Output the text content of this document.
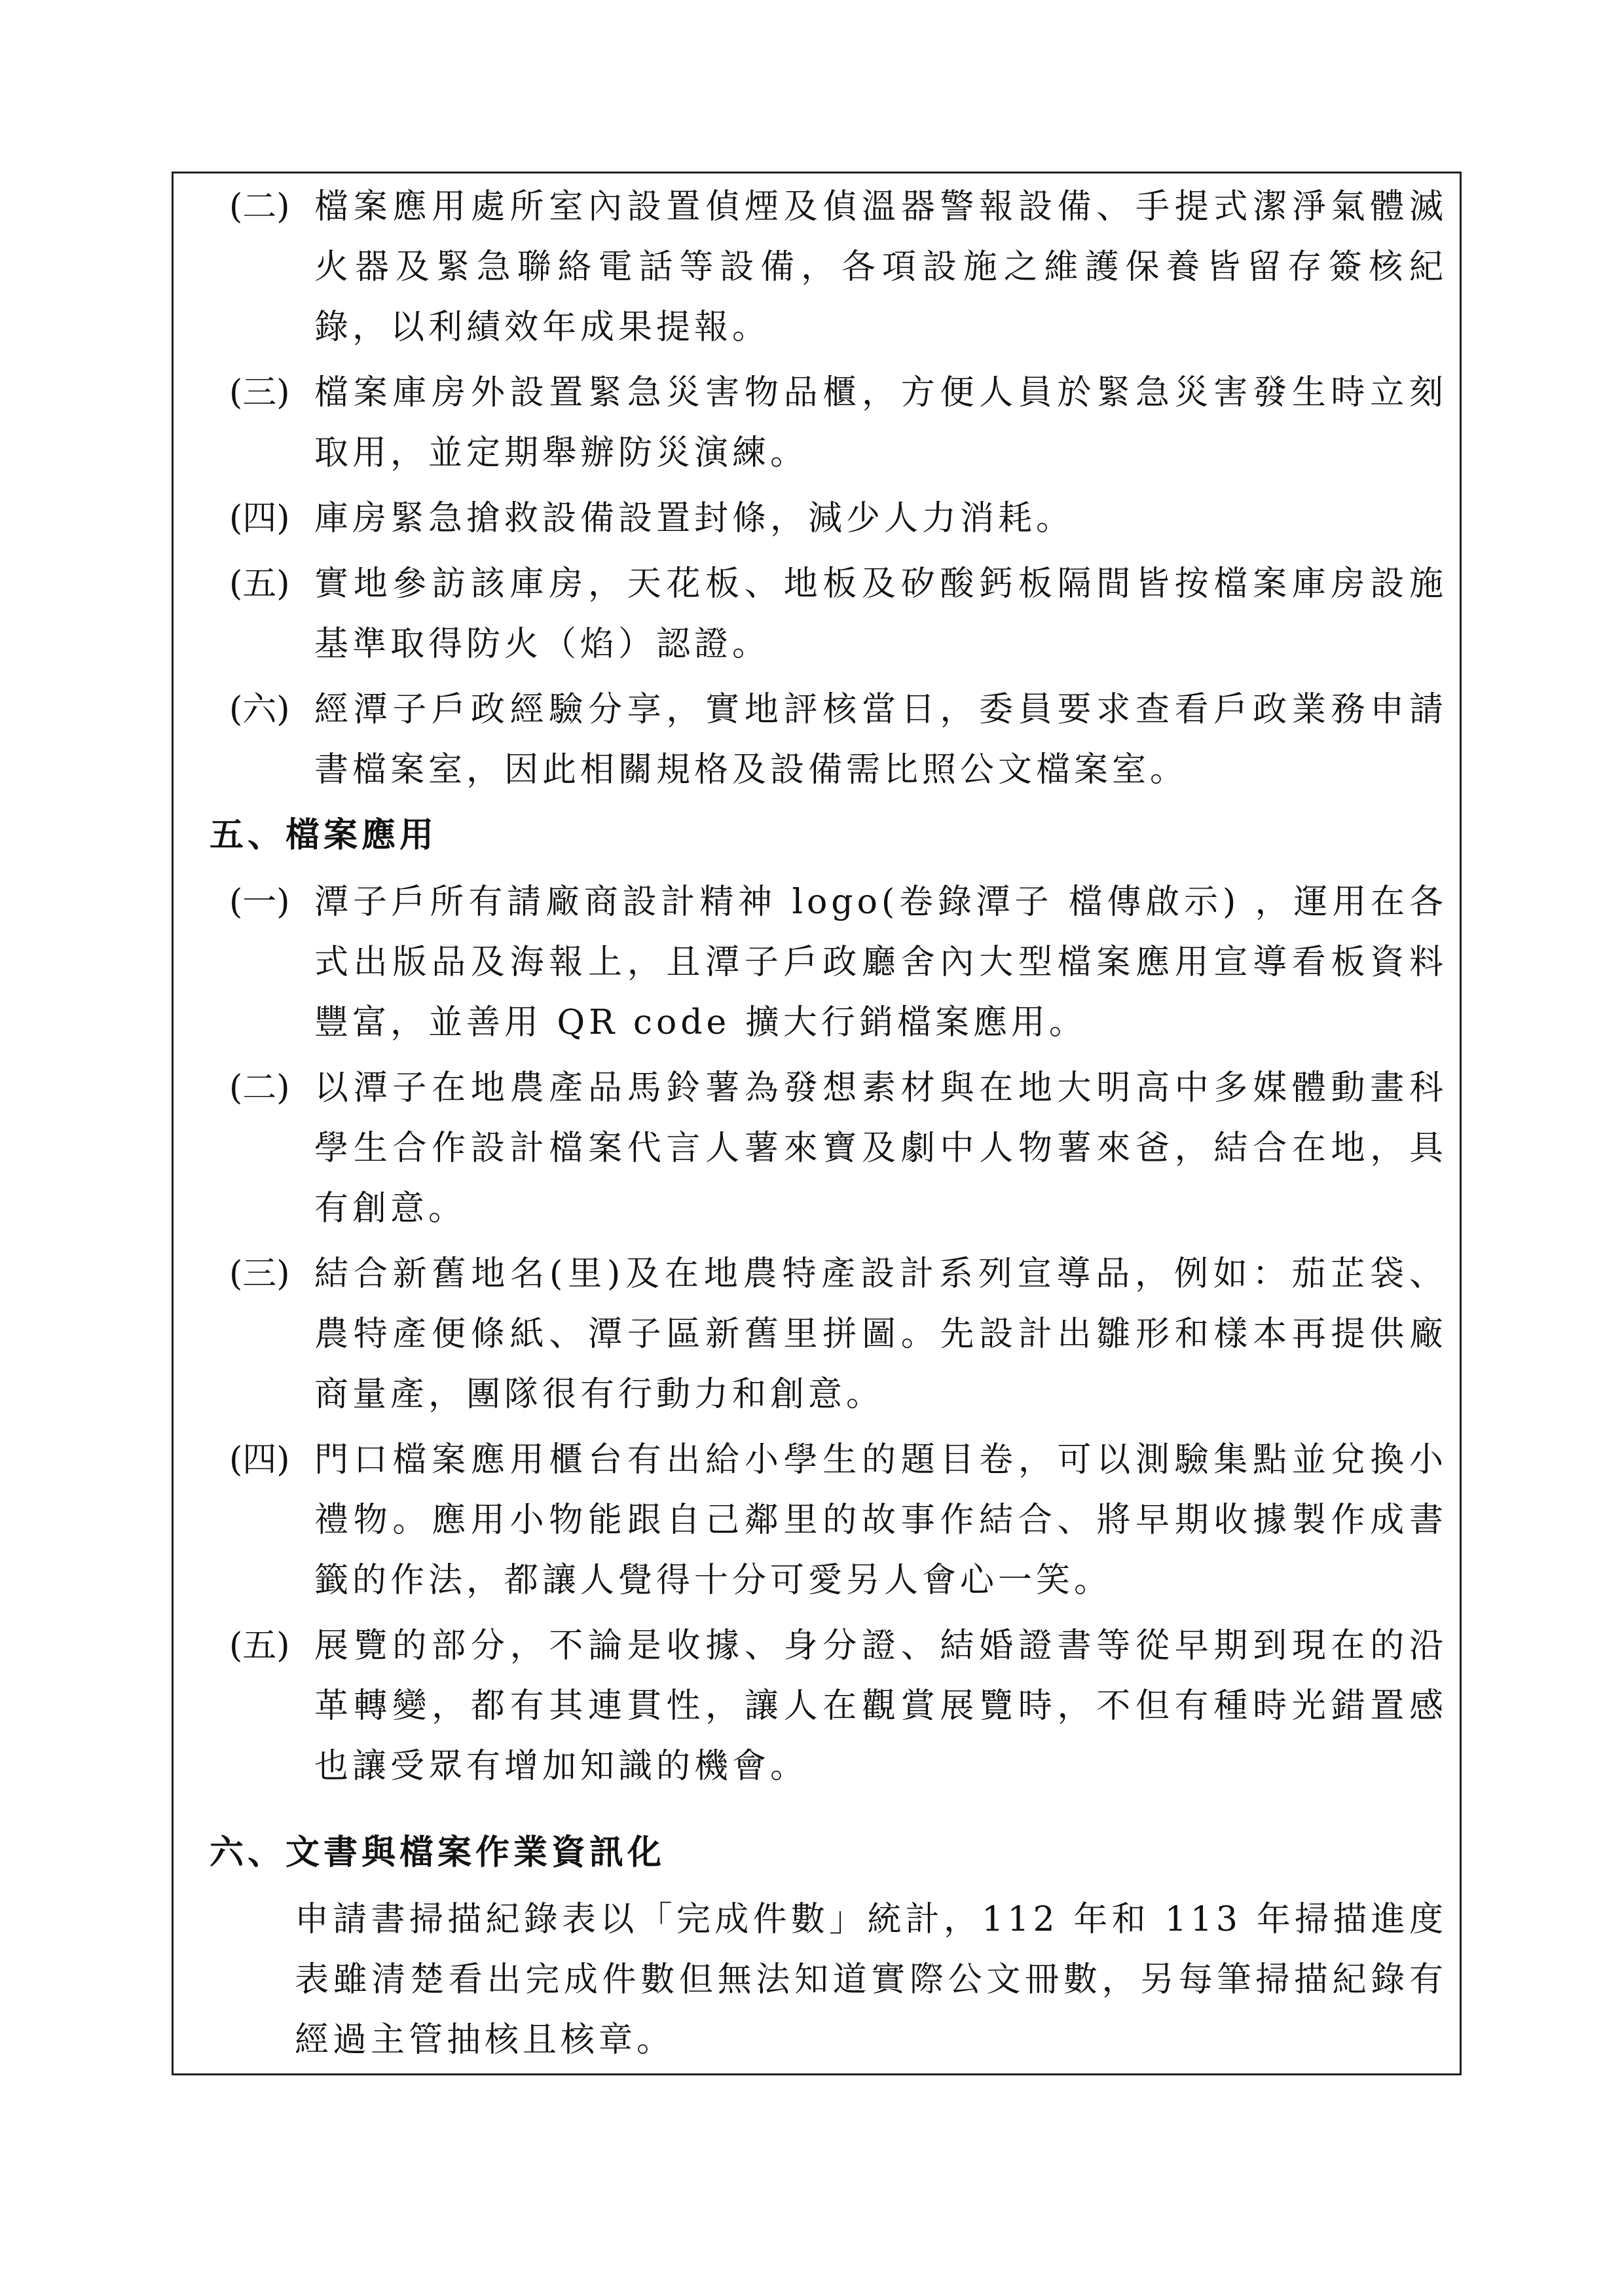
(二) 檔案應用處所室內設置偵煙及偵溫器警報設備、手提式潔淨氣體滅火器及緊急聯絡電話等設備，各項設施之維護保養皆留存簽核紀錄，以利績效年成果提報。
(三) 檔案庫房外設置緊急災害物品櫃，方便人員於緊急災害發生時立刻取用，並定期舉辦防災演練。
(四) 庫房緊急搶救設備設置封條，減少人力消耗。
(五) 實地參訪該庫房，天花板、地板及矽酸鈣板隔間皆按檔案庫房設施基準取得防火（焰）認證。
(六) 經潭子戶政經驗分享，實地評核當日，委員要求查看戶政業務申請書檔案室，因此相關規格及設備需比照公文檔案室。
五、檔案應用
(一) 潭子戶所有請廠商設計精神 logo(卷錄潭子 檔傳啟示) ，運用在各式出版品及海報上，且潭子戶政廳舍內大型檔案應用宣導看板資料豐富，並善用 QR code 擴大行銷檔案應用。
(二) 以潭子在地農產品馬鈴薯為發想素材與在地大明高中多媒體動畫科學生合作設計檔案代言人薯來寶及劇中人物薯來爸，結合在地，具有創意。
(三) 結合新舊地名(里)及在地農特產設計系列宣導品，例如：茄芷袋、農特產便條紙、潭子區新舊里拼圖。先設計出雛形和樣本再提供廠商量產，團隊很有行動力和創意。
(四) 門口檔案應用櫃台有出給小學生的題目卷，可以測驗集點並兌換小禮物。應用小物能跟自己鄰里的故事作結合、將早期收據製作成書籤的作法，都讓人覺得十分可愛另人會心一笑。
(五) 展覽的部分，不論是收據、身分證、結婚證書等從早期到現在的沿革轉變，都有其連貫性，讓人在觀賞展覽時，不但有種時光錯置感也讓受眾有增加知識的機會。
六、文書與檔案作業資訊化
申請書掃描紀錄表以「完成件數」統計，112 年和 113 年掃描進度表雖清楚看出完成件數但無法知道實際公文冊數，另每筆掃描紀錄有經過主管抽核且核章。
